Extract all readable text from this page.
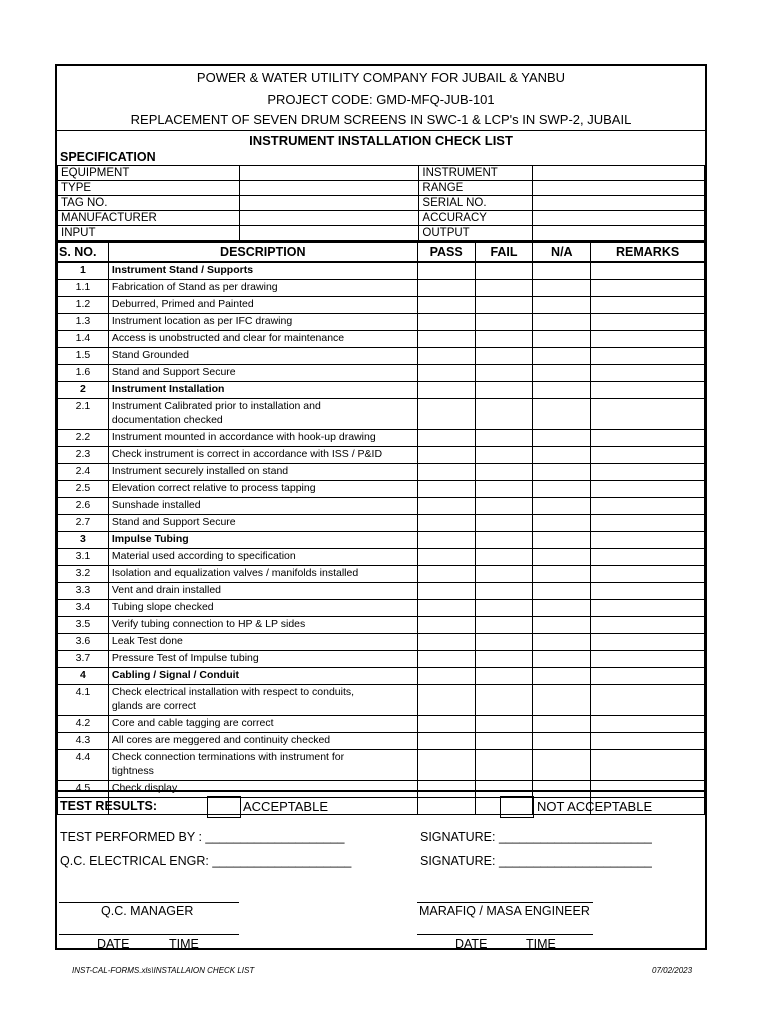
POWER & WATER UTILITY COMPANY FOR JUBAIL & YANBU
PROJECT CODE: GMD-MFQ-JUB-101
REPLACEMENT OF SEVEN DRUM SCREENS IN SWC-1 & LCP's IN SWP-2, JUBAIL
INSTRUMENT INSTALLATION CHECK LIST
SPECIFICATION
EQUIPMENT		INSTRUMENT	
TYPE		RANGE	
TAG NO.		SERIAL NO.	
MANUFACTURER		ACCURACY	
INPUT		OUTPUT	
S. NO.	DESCRIPTION	PASS	FAIL	N/A	REMARKS
1	Instrument Stand / Supports				
1.1	Fabrication of Stand as per drawing				
1.2	Deburred, Primed and Painted				
1.3	Instrument location as per IFC drawing				
1.4	Access is unobstructed and clear for maintenance				
1.5	Stand Grounded				
1.6	Stand and Support Secure				
2	Instrument Installation				
2.1	Instrument Calibrated prior to installation and
documentation checked				
2.2	Instrument mounted in accordance with hook-up drawing				
2.3	Check instrument is correct in accordance with ISS / P&ID				
2.4	Instrument securely installed on stand				
2.5	Elevation correct relative to process tapping				
2.6	Sunshade installed				
2.7	Stand and Support Secure				
3	Impulse Tubing				
3.1	Material used according to specification				
3.2	Isolation and equalization valves / manifolds installed				
3.3	Vent and drain installed				
3.4	Tubing slope checked				
3.5	Verify tubing connection to HP & LP sides				
3.6	Leak Test done				
3.7	Pressure Test of Impulse tubing				
4	Cabling / Signal / Conduit				
4.1	Check electrical installation with respect to conduits,
glands are correct				
4.2	Core and cable tagging are correct				
4.3	All cores are meggered and continuity checked				
4.4	Check connection terminations with instrument for
tightness				
4.5	Check display				

TEST RESULTS:	ACCEPTABLE	NOT ACCEPTABLE
TEST PERFORMED BY : ____________________	SIGNATURE: ______________________
Q.C. ELECTRICAL ENGR: ____________________	SIGNATURE: ______________________
Q.C. MANAGER	MARAFIQ / MASA ENGINEER
DATE	TIME	DATE	TIME
INST-CAL-FORMS.xls\INSTALLAION CHECK LIST	07/02/2023
